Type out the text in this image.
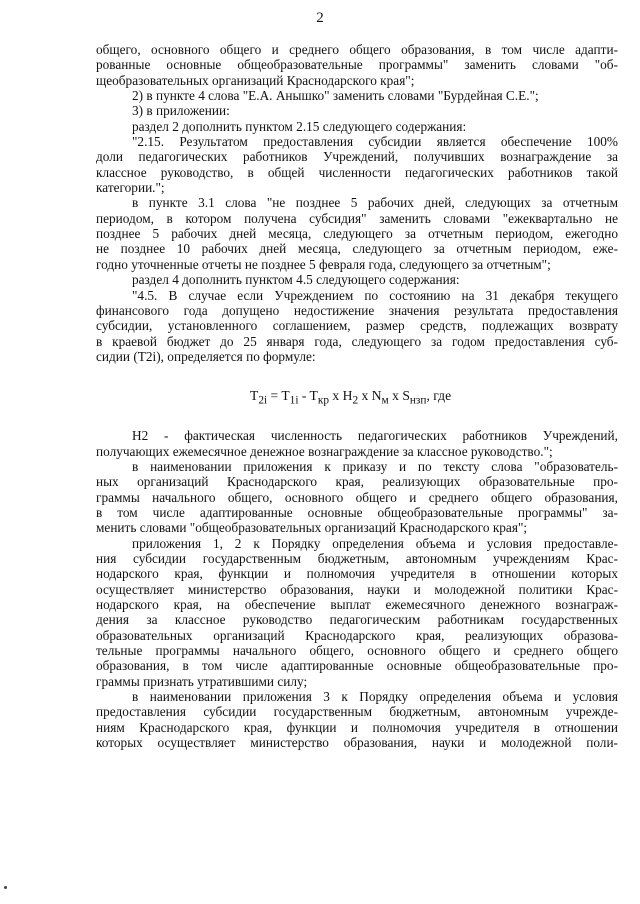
2

общего, основного общего и среднего общего образования, в том числе адапти-

рованные основные общеобразовательные программы" заменить словами "об-

щеобразовательных организаций Краснодарского края";

2) в пункте 4 слова "Е.А. Анышко" заменить словами "Бурдейная С.Е.";

3) в приложении:

раздел 2 дополнить пунктом 2.15 следующего содержания:

"2.15. Результатом предоставления субсидии является обеспечение 100%

доли педагогических работников Учреждений, получивших вознаграждение за

классное руководство, в общей численности педагогических работников такой

категории.";

в пункте 3.1 слова "не позднее 5 рабочих дней, следующих за отчетным

периодом, в котором получена субсидия" заменить словами "ежеквартально не

позднее 5 рабочих дней месяца, следующего за отчетным периодом, ежегодно

не позднее 10 рабочих дней месяца, следующего за отчетным периодом, еже-

годно уточненные отчеты не позднее 5 февраля года, следующего за отчетным";

раздел 4 дополнить пунктом 4.5 следующего содержания:

"4.5. В случае если Учреждением по состоянию на 31 декабря текущего

финансового года допущено недостижение значения результата предоставления

субсидии, установленного соглашением, размер средств, подлежащих возврату

в краевой бюджет до 25 января года, следующего за годом предоставления суб-

сидии (T2i), определяется по формуле:

$T_{2i} = T_{1i} - T_{кр}$ x $H_2$ x $N_м$ x $S_{нзп}$, где

H2 - фактическая численность педагогических работников Учреждений,

получающих ежемесячное денежное вознаграждение за классное руководство.";

в наименовании приложения к приказу и по тексту слова "образователь-

ных организаций Краснодарского края, реализующих образовательные про-

граммы начального общего, основного общего и среднего общего образования,

в том числе адаптированные основные общеобразовательные программы" за-

менить словами "общеобразовательных организаций Краснодарского края";

приложения 1, 2 к Порядку определения объема и условия предоставле-

ния субсидии государственным бюджетным, автономным учреждениям Крас-

нодарского края, функции и полномочия учредителя в отношении которых

осуществляет министерство образования, науки и молодежной политики Крас-

нодарского края, на обеспечение выплат ежемесячного денежного вознаграж-

дения за классное руководство педагогическим работникам государственных

образовательных организаций Краснодарского края, реализующих образова-

тельные программы начального общего, основного общего и среднего общего

образования, в том числе адаптированные основные общеобразовательные про-

граммы признать утратившими силу;

в наименовании приложения 3 к Порядку определения объема и условия

предоставления субсидии государственным бюджетным, автономным учрежде-

ниям Краснодарского края, функции и полномочия учредителя в отношении

которых осуществляет министерство образования, науки и молодежной поли-
